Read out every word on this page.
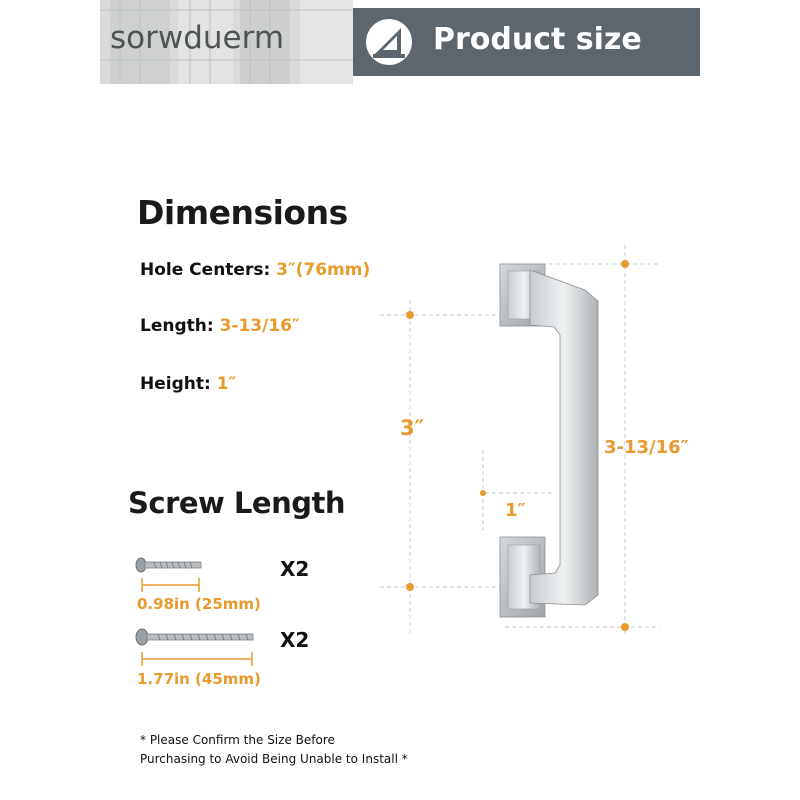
sorwduerm	Product size
Dimensions
Hole Centers: 3″(76mm)
Length: 3-13/16″
Height: 1″
Screw Length
0.98in (25mm)
X2
1.77in (45mm)
X2
* Please Confirm the Size Before
Purchasing to Avoid Being Unable to Install *
3″
3-13/16″
1″
